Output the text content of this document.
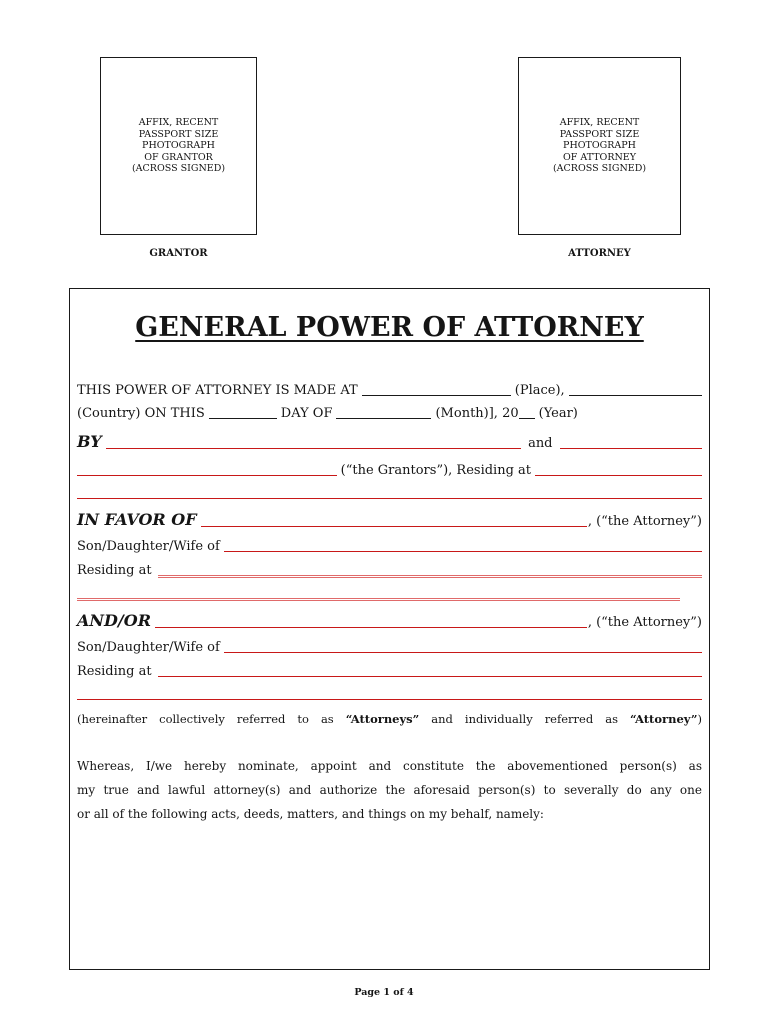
AFFIX, RECENT
PASSPORT SIZE
PHOTOGRAPH
OF GRANTOR
(ACROSS SIGNED)
GRANTOR
AFFIX, RECENT
PASSPORT SIZE
PHOTOGRAPH
OF ATTORNEY
(ACROSS SIGNED)
ATTORNEY
GENERAL POWER OF ATTORNEY
THIS POWER OF ATTORNEY IS MADE AT	(Place),
(Country) ON THIS	DAY OF	(Month)], 20 (Year)
BY	and
(“the Grantors”), Residing at
IN FAVOR OF	, (“the Attorney”)
Son/Daughter/Wife of
Residing at
AND/OR	, (“the Attorney”)
Son/Daughter/Wife of
Residing at
(hereinafter collectively referred to as “Attorneys” and individually referred as “Attorney”)
Whereas, I/we hereby nominate, appoint and constitute the abovementioned person(s) as
my true and lawful attorney(s) and authorize the aforesaid person(s) to severally do any one
or all of the following acts, deeds, matters, and things on my behalf, namely:
Page 1 of 4
